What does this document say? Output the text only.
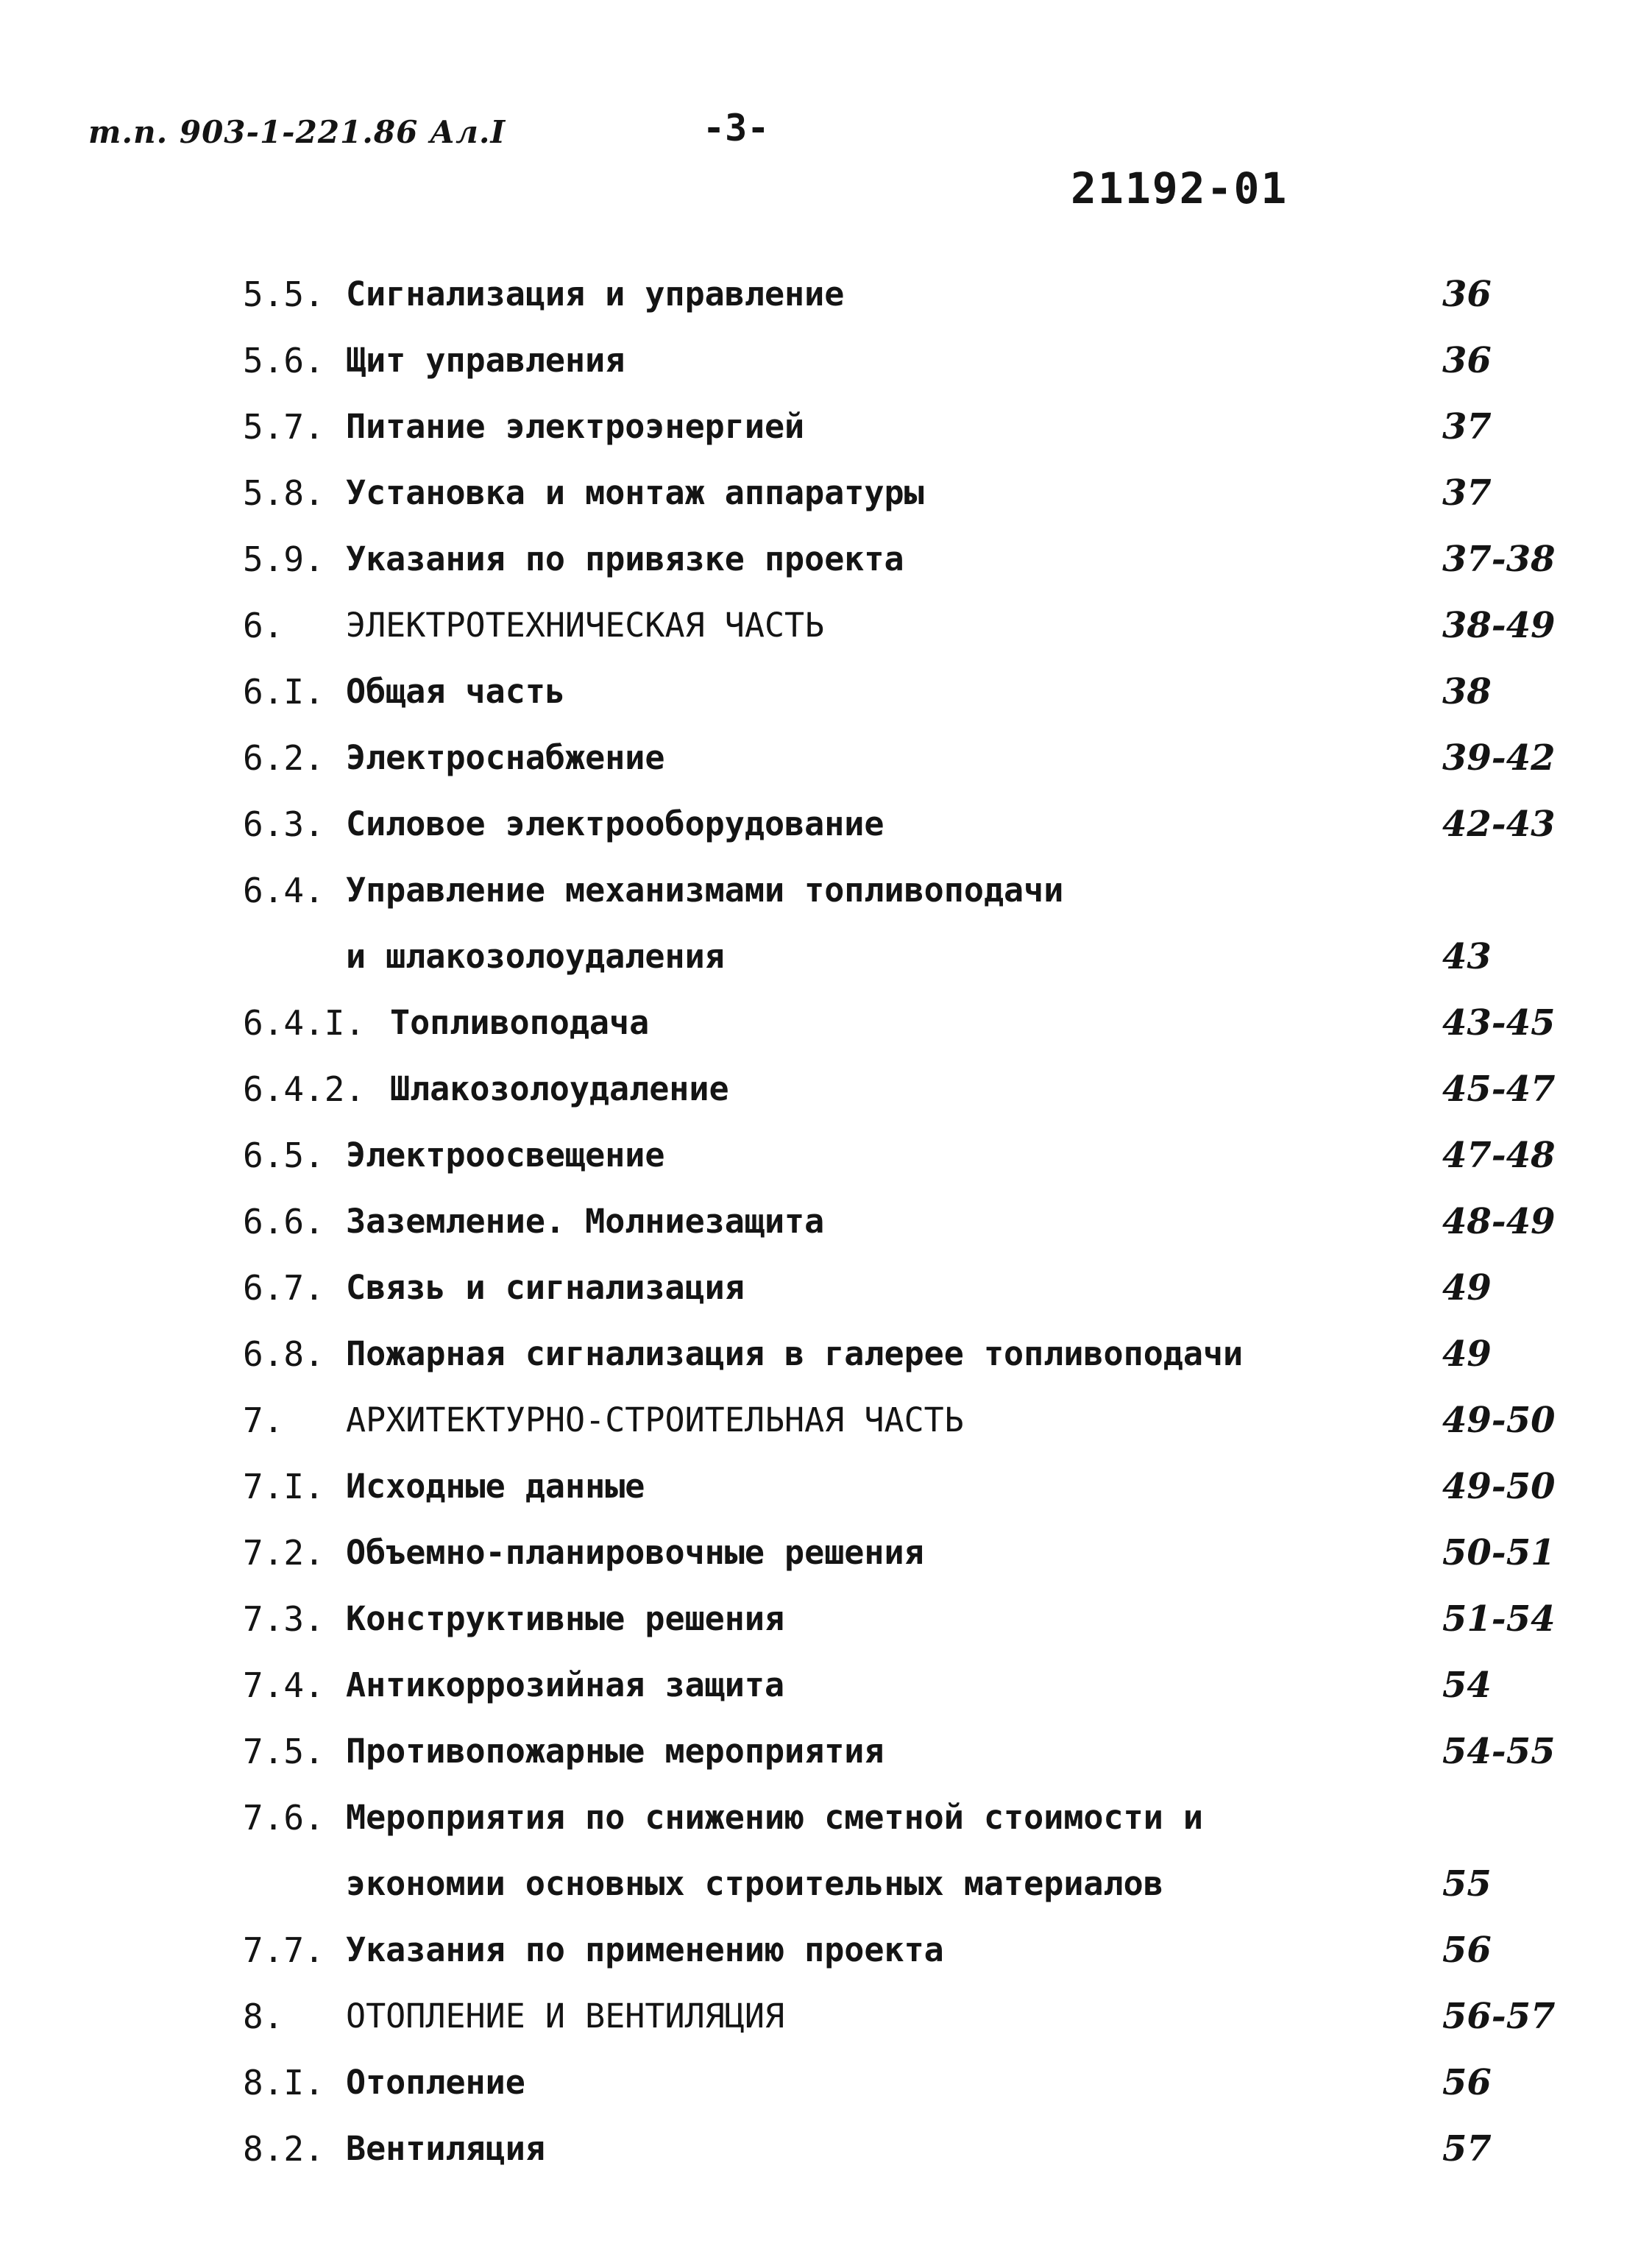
т.п. 903-1-221.86 Ал.I	-3-
21192-01
5.5. Сигнализация и управление	36
5.6. Щит управления	36
5.7. Питание электроэнергией	37
5.8. Установка и монтаж аппаратуры	37
5.9. Указания по привязке проекта	37-38
6. ЭЛЕКТРОТЕХНИЧЕСКАЯ ЧАСТЬ	38-49
6.I. Общая часть	38
6.2. Электроснабжение	39-42
6.3. Силовое электрооборудование	42-43
6.4. Управление механизмами топливоподачи
и шлакозолоудаления	43
6.4.I. Топливоподача	43-45
6.4.2. Шлакозолоудаление	45-47
6.5. Электроосвещение	47-48
6.6. Заземление. Молниезащита	48-49
6.7. Связь и сигнализация	49
6.8. Пожарная сигнализация в галерее топливоподачи	49
7. АРХИТЕКТУРНО-СТРОИТЕЛЬНАЯ ЧАСТЬ	49-50
7.I. Исходные данные	49-50
7.2. Объемно-планировочные решения	50-51
7.3. Конструктивные решения	51-54
7.4. Антикоррозийная защита	54
7.5. Противопожарные мероприятия	54-55
7.6. Мероприятия по снижению сметной стоимости и
экономии основных строительных материалов	55
7.7. Указания по применению проекта	56
8. ОТОПЛЕНИЕ И ВЕНТИЛЯЦИЯ	56-57
8.I. Отопление	56
8.2. Вентиляция	57
